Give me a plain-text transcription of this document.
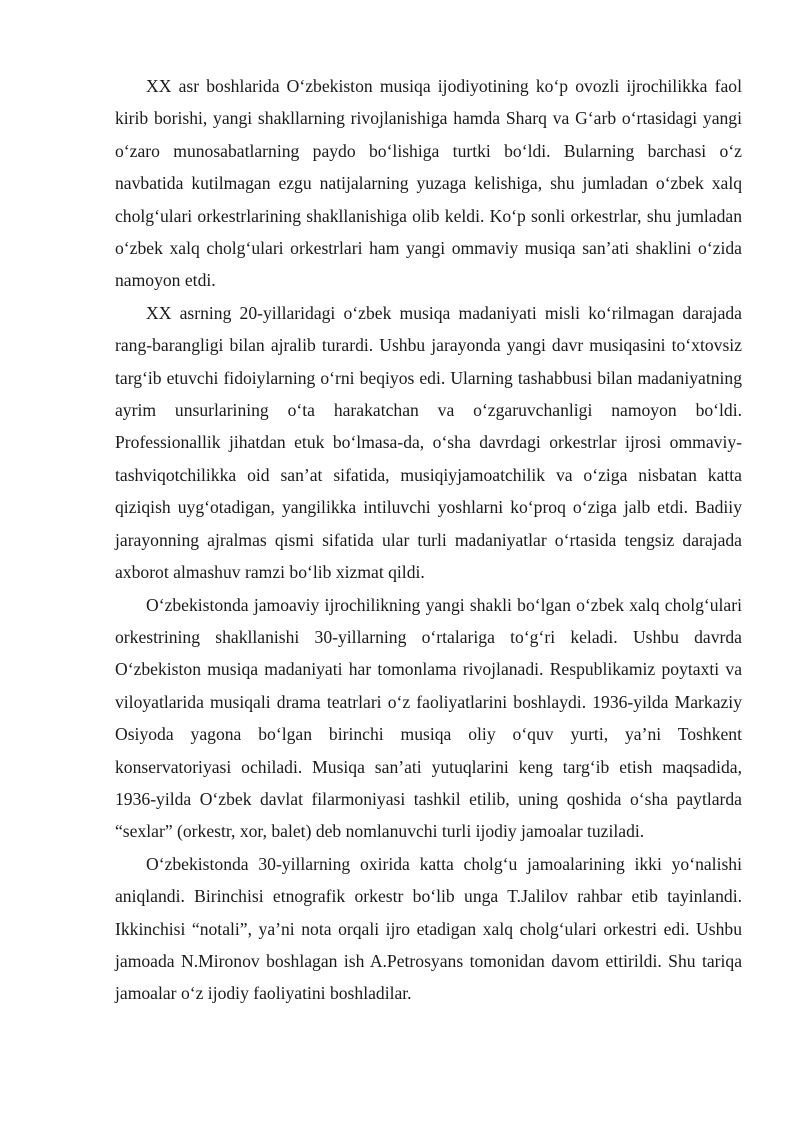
XX asr boshlarida O‘zbekiston musiqa ijodiyotining ko‘p ovozli ijrochilikka faol kirib borishi, yangi shakllarning rivojlanishiga hamda Sharq va G‘arb o‘rtasidagi yangi o‘zaro munosabatlarning paydo bo‘lishiga turtki bo‘ldi. Bularning barchasi o‘z navbatida kutilmagan ezgu natijalarning yuzaga kelishiga, shu jumladan o‘zbek xalq cholg‘ulari orkestrlarining shakllanishiga olib keldi. Ko‘p sonli orkestrlar, shu jumladan o‘zbek xalq cholg‘ulari orkestrlari ham yangi ommaviy musiqa san’ati shaklini o‘zida namoyon etdi.

XX asrning 20-yillaridagi o‘zbek musiqa madaniyati misli ko‘rilmagan darajada rang-barangligi bilan ajralib turardi. Ushbu jarayonda yangi davr musiqasini to‘xtovsiz targ‘ib etuvchi fidoiylarning o‘rni beqiyos edi. Ularning tashabbusi bilan madaniyatning ayrim unsurlarining o‘ta harakatchan va o‘zgaruvchanligi namoyon bo‘ldi. Professionallik jihatdan etuk bo‘lmasa-da, o‘sha davrdagi orkestrlar ijrosi ommaviy-tashviqotchilikka oid san’at sifatida, musiqiyjamoatchilik va o‘ziga nisbatan katta qiziqish uyg‘otadigan, yangilikka intiluvchi yoshlarni ko‘proq o‘ziga jalb etdi. Badiiy jarayonning ajralmas qismi sifatida ular turli madaniyatlar o‘rtasida tengsiz darajada axborot almashuv ramzi bo‘lib xizmat qildi.

O‘zbekistonda jamoaviy ijrochilikning yangi shakli bo‘lgan o‘zbek xalq cholg‘ulari orkestrining shakllanishi 30-yillarning o‘rtalariga to‘g‘ri keladi. Ushbu davrda O‘zbekiston musiqa madaniyati har tomonlama rivojlanadi. Respublikamiz poytaxti va viloyatlarida musiqali drama teatrlari o‘z faoliyatlarini boshlaydi. 1936-yilda Markaziy Osiyoda yagona bo‘lgan birinchi musiqa oliy o‘quv yurti, ya’ni Toshkent konservatoriyasi ochiladi. Musiqa san’ati yutuqlarini keng targ‘ib etish maqsadida, 1936-yilda O‘zbek davlat filarmoniyasi tashkil etilib, uning qoshida o‘sha paytlarda “sexlar” (orkestr, xor, balet) deb nomlanuvchi turli ijodiy jamoalar tuziladi.

O‘zbekistonda 30-yillarning oxirida katta cholg‘u jamoalarining ikki yo‘nalishi aniqlandi. Birinchisi etnografik orkestr bo‘lib unga T.Jalilov rahbar etib tayinlandi. Ikkinchisi “notali”, ya’ni nota orqali ijro etadigan xalq cholg‘ulari orkestri edi. Ushbu jamoada N.Mironov boshlagan ish A.Petrosyans tomonidan davom ettirildi. Shu tariqa jamoalar o‘z ijodiy faoliyatini boshladilar.
